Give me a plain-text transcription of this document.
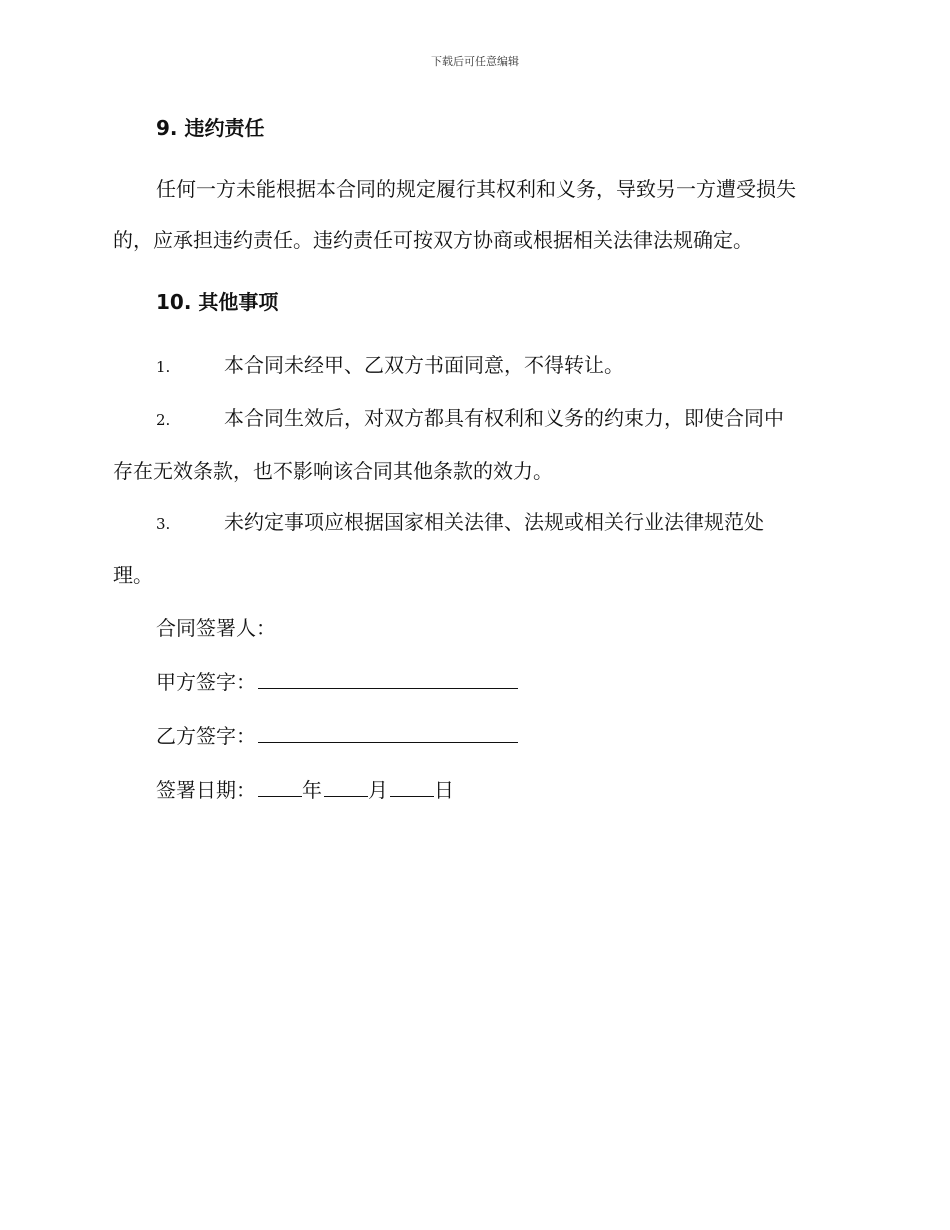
下载后可任意编辑

9. 违约责任

任何一方未能根据本合同的规定履行其权利和义务，导致另一方遭受损失的，应承担违约责任。违约责任可按双方协商或根据相关法律法规确定。

10. 其他事项

1.	本合同未经甲、乙双方书面同意，不得转让。
2.	本合同生效后，对双方都具有权利和义务的约束力，即使合同中
存在无效条款，也不影响该合同其他条款的效力。
3.	未约定事项应根据国家相关法律、法规或相关行业法律规范处
理。

合同签署人：

甲方签字：

乙方签字：

签署日期： 年 月 日
